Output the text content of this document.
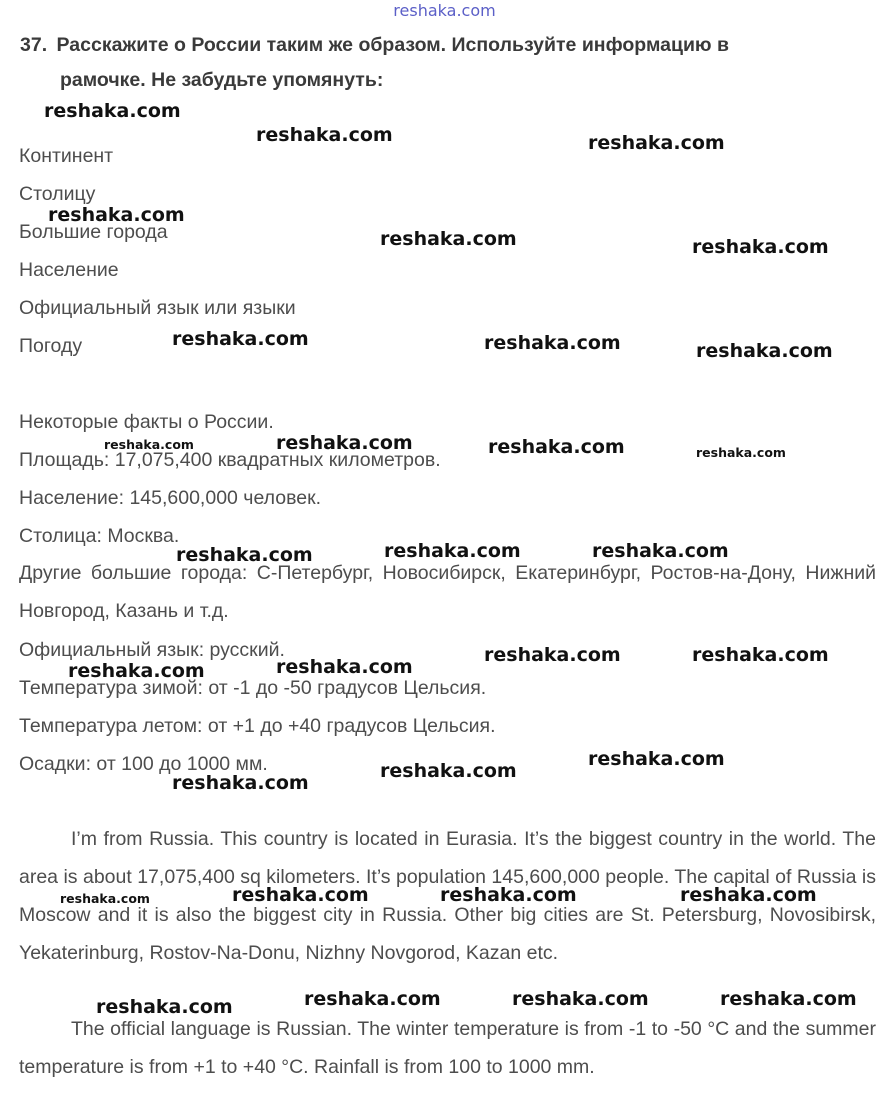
reshaka.com
37. Расскажите о России таким же образом. Используйте информацию в
рамочке. Не забудьте упомянуть:
Континент
Столицу
Большие города
Население
Официальный язык или языки
Погоду
Некоторые факты о России.
Площадь: 17,075,400 квадратных километров.
Население: 145,600,000 человек.
Столица: Москва.
Другие большие города: С-Петербург, Новосибирск, Екатеринбург, Ростов-на-Дону, Нижний Новгород, Казань и т.д.
Официальный язык: русский.
Температура зимой: от -1 до -50 градусов Цельсия.
Температура летом: от +1 до +40 градусов Цельсия.
Осадки: от 100 до 1000 мм.
I’m from Russia. This country is located in Eurasia. It’s the biggest country in the world. The area is about 17,075,400 sq kilometers. It’s population 145,600,000 people. The capital of Russia is Moscow and it is also the biggest city in Russia. Other big cities are St. Petersburg, Novosibirsk, Yekaterinburg, Rostov-Na-Donu, Nizhny Novgorod, Kazan etc.
The official language is Russian. The winter temperature is from -1 to -50 °C and the summer temperature is from +1 to +40 °C. Rainfall is from 100 to 1000 mm.
reshaka.com
reshaka.com	reshaka.com
reshaka.com
reshaka.com	reshaka.com
reshaka.com	reshaka.com	reshaka.com
reshaka.com	reshaka.com	reshaka.com	reshaka.com
reshaka.com	reshaka.com	reshaka.com
reshaka.com	reshaka.com
reshaka.com	reshaka.com
reshaka.com
reshaka.com
reshaka.com
reshaka.com	reshaka.com	reshaka.com	reshaka.com
reshaka.com	reshaka.com	reshaka.com	reshaka.com
